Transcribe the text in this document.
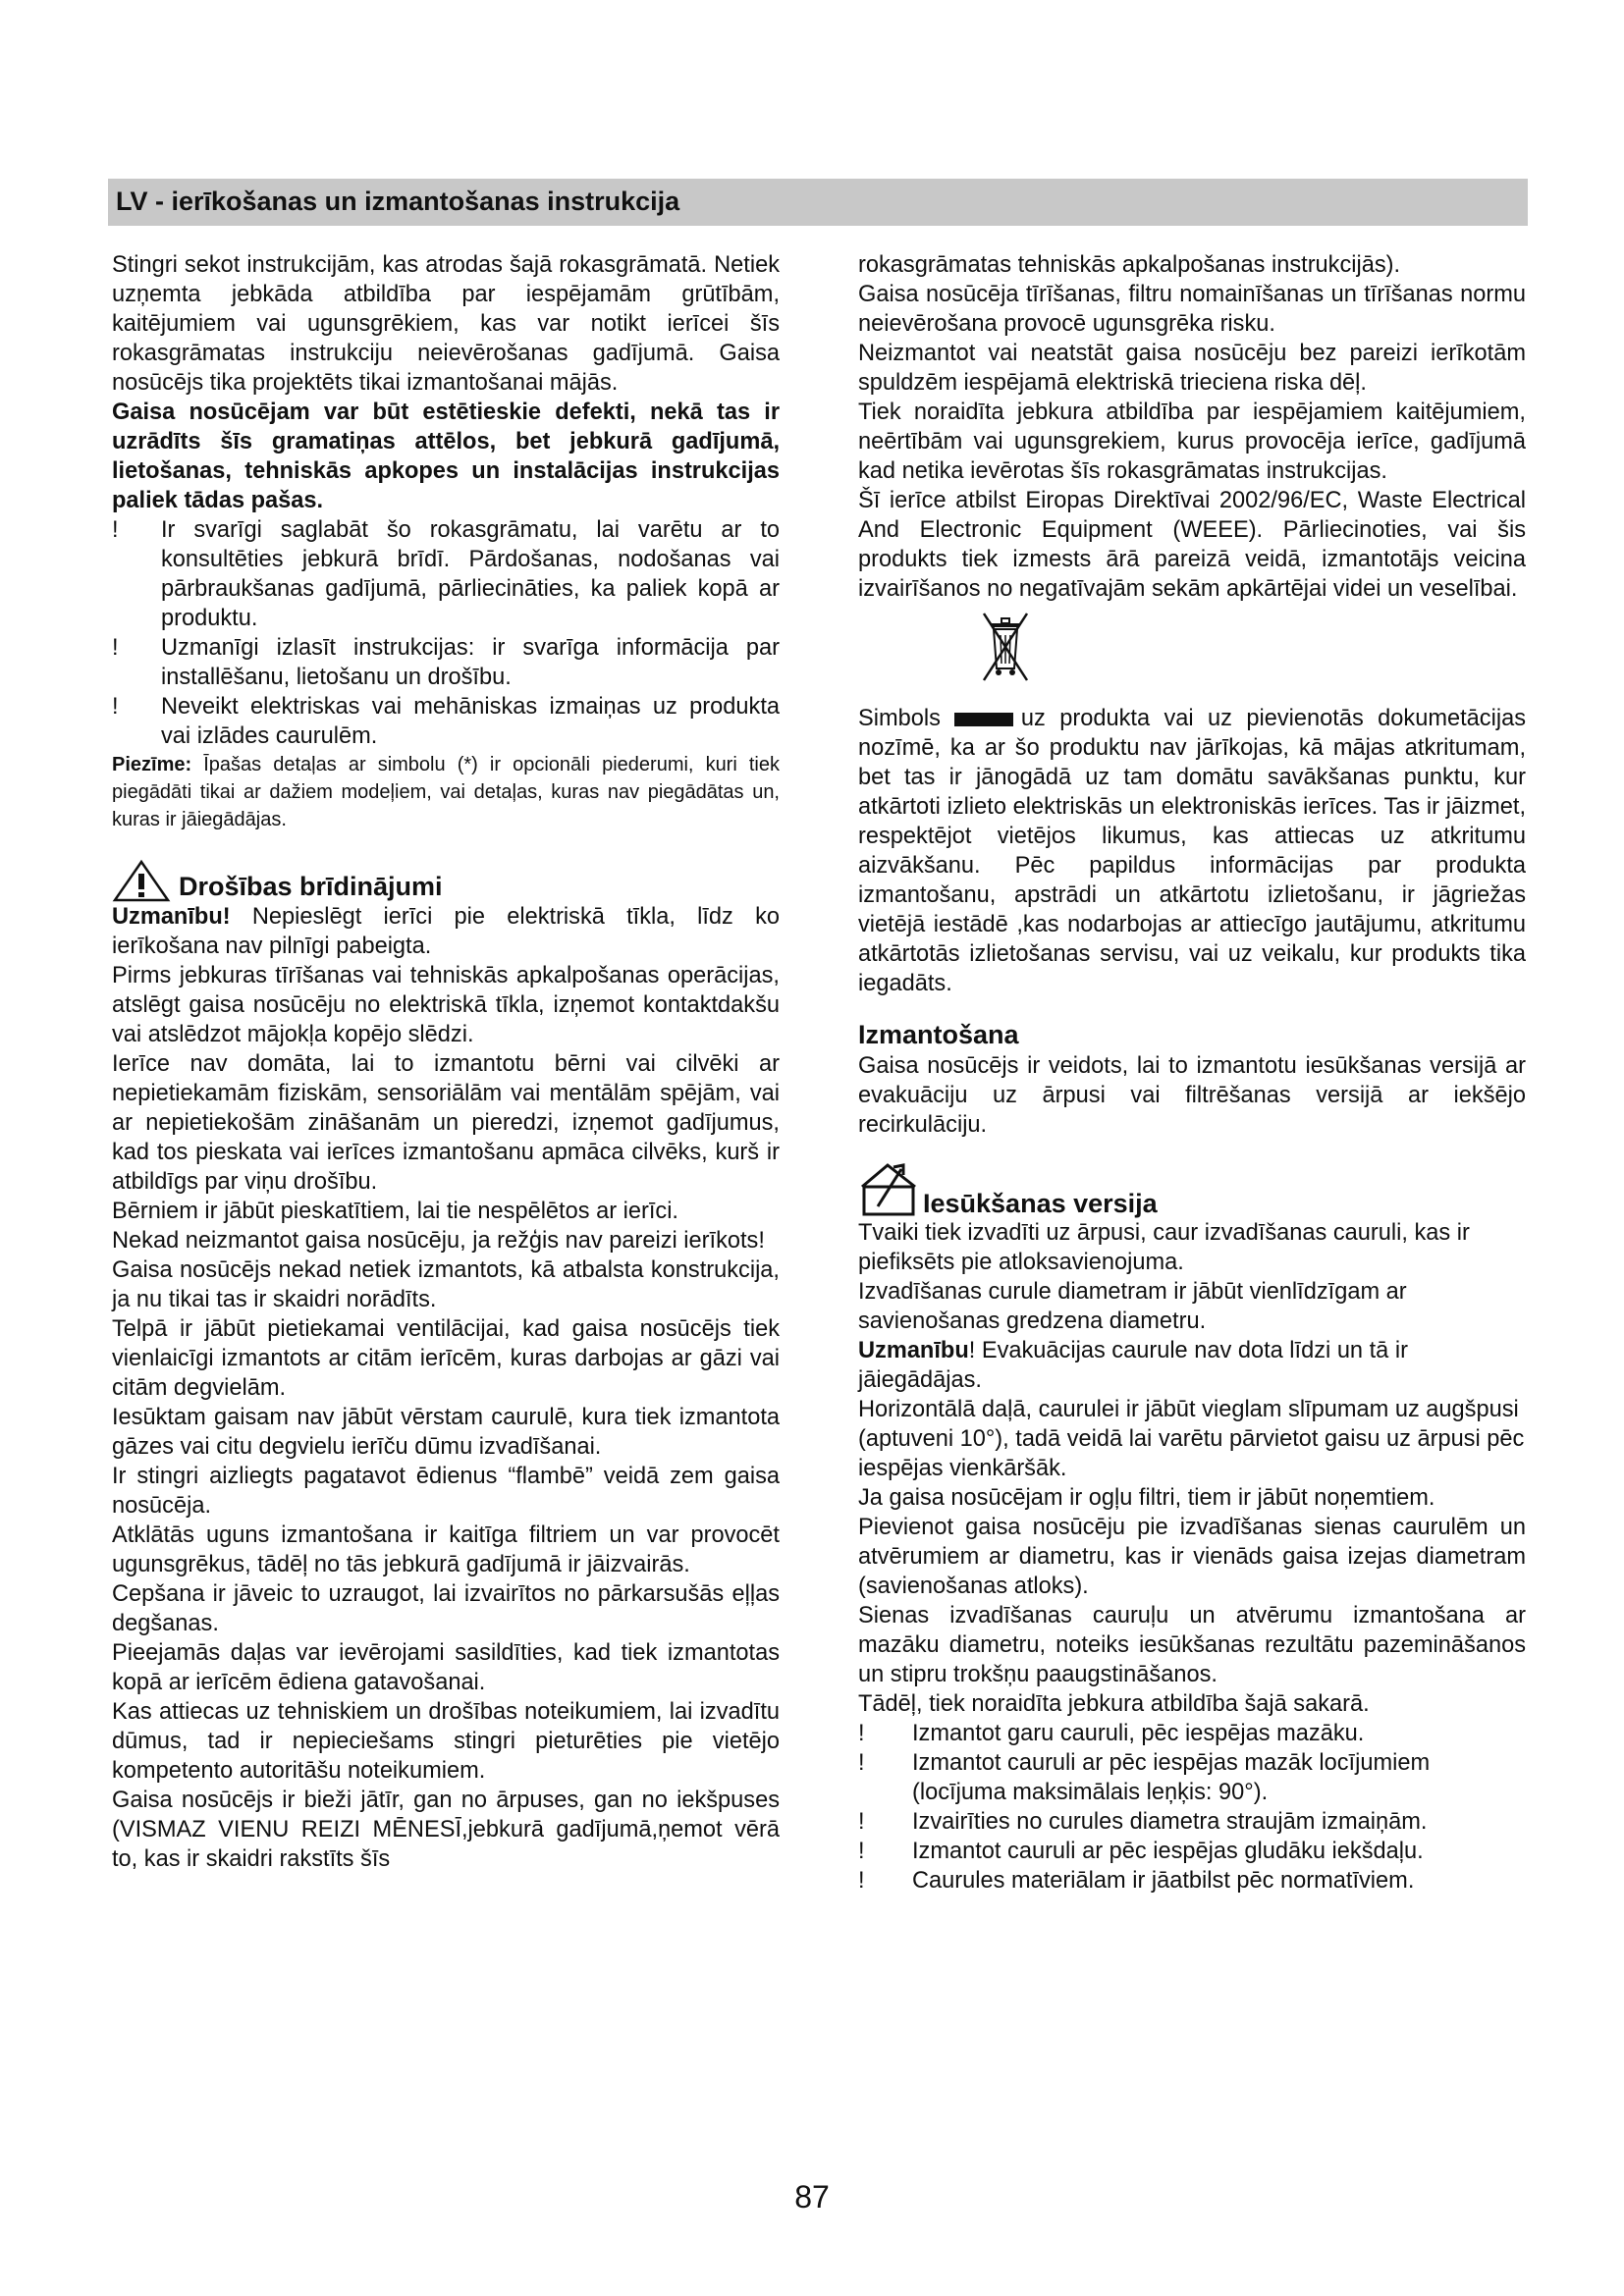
LV - ierīkošanas un izmantošanas instrukcija

Stingri sekot instrukcijām, kas atrodas šajā rokasgrāmatā. Netiek uzņemta jebkāda atbildība par iespējamām grūtībām, kaitējumiem vai ugunsgrēkiem, kas var notikt ierīcei šīs rokasgrāmatas instrukciju neievērošanas gadījumā. Gaisa nosūcējs tika projektēts tikai izmantošanai mājās.

Gaisa nosūcējam var būt estētieskie defekti, nekā tas ir uzrādīts šīs gramatiņas attēlos, bet jebkurā gadījumā, lietošanas, tehniskās apkopes un instalācijas instrukcijas paliek tādas pašas.

!	Ir svarīgi saglabāt šo rokasgrāmatu, lai varētu ar to konsultēties jebkurā brīdī. Pārdošanas, nodošanas vai pārbraukšanas gadījumā, pārliecināties, ka paliek kopā ar produktu.
!	Uzmanīgi izlasīt instrukcijas: ir svarīga informācija par installēšanu, lietošanu un drošību.
!	Neveikt elektriskas vai mehāniskas izmaiņas uz produkta vai izlādes caurulēm.

Piezīme: Īpašas detaļas ar simbolu (*) ir opcionāli piederumi, kuri tiek piegādāti tikai ar dažiem modeļiem, vai detaļas, kuras nav piegādātas un, kuras ir jāiegādājas.

Drošības brīdinājumi

Uzmanību! Nepieslēgt ierīci pie elektriskā tīkla, līdz ko ierīkošana nav pilnīgi pabeigta.

Pirms jebkuras tīrīšanas vai tehniskās apkalpošanas operācijas, atslēgt gaisa nosūcēju no elektriskā tīkla, izņemot kontaktdakšu vai atslēdzot mājokļa kopējo slēdzi.

Ierīce nav domāta, lai to izmantotu bērni vai cilvēki ar nepietiekamām fiziskām, sensoriālām vai mentālām spējām, vai ar nepietiekošām zināšanām un pieredzi, izņemot gadījumus, kad tos pieskata vai ierīces izmantošanu apmāca cilvēks, kurš ir atbildīgs par viņu drošību.

Bērniem ir jābūt pieskatītiem, lai tie nespēlētos ar ierīci.

Nekad neizmantot gaisa nosūcēju, ja režģis nav pareizi ierīkots!

Gaisa nosūcējs nekad netiek izmantots, kā atbalsta konstrukcija, ja nu tikai tas ir skaidri norādīts.

Telpā ir jābūt pietiekamai ventilācijai, kad gaisa nosūcējs tiek vienlaicīgi izmantots ar citām ierīcēm, kuras darbojas ar gāzi vai citām degvielām.

Iesūktam gaisam nav jābūt vērstam caurulē, kura tiek izmantota gāzes vai citu degvielu ierīču dūmu izvadīšanai.

Ir stingri aizliegts pagatavot ēdienus “flambē” veidā zem gaisa nosūcēja.

Atklātās uguns izmantošana ir kaitīga filtriem un var provocēt ugunsgrēkus, tādēļ no tās jebkurā gadījumā ir jāizvairās.

Cepšana ir jāveic to uzraugot, lai izvairītos no pārkarsušās eļļas degšanas.

Pieejamās daļas var ievērojami sasildīties, kad tiek izmantotas kopā ar ierīcēm ēdiena gatavošanai.

Kas attiecas uz tehniskiem un drošības noteikumiem, lai izvadītu dūmus, tad ir nepieciešams stingri pieturēties pie vietējo kompetento autoritāšu noteikumiem.

Gaisa nosūcējs ir bieži jātīr, gan no ārpuses, gan no iekšpuses (VISMAZ VIENU REIZI MĒNESĪ,jebkurā gadījumā,ņemot vērā to, kas ir skaidri rakstīts šīs

rokasgrāmatas tehniskās apkalpošanas instrukcijās).

Gaisa nosūcēja tīrīšanas, filtru nomainīšanas un tīrīšanas normu neievērošana provocē ugunsgrēka risku.

Neizmantot vai neatstāt gaisa nosūcēju bez pareizi ierīkotām spuldzēm iespējamā elektriskā trieciena riska dēļ.

Tiek noraidīta jebkura atbildība par iespējamiem kaitējumiem, neērtībām vai ugunsgrekiem, kurus provocēja ierīce, gadījumā kad netika ievērotas šīs rokasgrāmatas instrukcijas.

Šī ierīce atbilst Eiropas Direktīvai 2002/96/EC, Waste Electrical And Electronic Equipment (WEEE). Pārliecinoties, vai šis produkts tiek izmests ārā pareizā veidā, izmantotājs veicina izvairīšanos no negatīvajām sekām apkārtējai videi un veselībai.

Simbols	uz produkta vai uz pievienotās dokumetācijas nozīmē, ka ar šo produktu nav jārīkojas, kā mājas atkritumam, bet tas ir jānogādā uz tam domātu savākšanas punktu, kur atkārtoti izlieto elektriskās un elektroniskās ierīces. Tas ir jāizmet, respektējot vietējos likumus, kas attiecas uz atkritumu aizvākšanu. Pēc papildus informācijas par produkta izmantošanu, apstrādi un atkārtotu izlietošanu, ir jāgriežas vietējā iestādē ,kas nodarbojas ar attiecīgo jautājumu, atkritumu atkārtotās izlietošanas servisu, vai uz veikalu, kur produkts tika iegadāts.

Izmantošana

Gaisa nosūcējs ir veidots, lai to izmantotu iesūkšanas versijā ar evakuāciju uz ārpusi vai filtrēšanas versijā ar iekšējo recirkulāciju.

Iesūkšanas versija

Tvaiki tiek izvadīti uz ārpusi, caur izvadīšanas cauruli, kas ir piefiksēts pie atloksavienojuma.

Izvadīšanas curule diametram ir jābūt vienlīdzīgam ar savienošanas gredzena diametru.

Uzmanību! Evakuācijas caurule nav dota līdzi un tā ir jāiegādājas.

Horizontālā daļā, caurulei ir jābūt vieglam slīpumam uz augšpusi (aptuveni 10°), tadā veidā lai varētu pārvietot gaisu uz ārpusi pēc iespējas vienkāršāk.

Ja gaisa nosūcējam ir ogļu filtri, tiem ir jābūt noņemtiem.

Pievienot gaisa nosūcēju pie izvadīšanas sienas caurulēm un atvērumiem ar diametru, kas ir vienāds gaisa izejas diametram (savienošanas atloks).

Sienas izvadīšanas cauruļu un atvērumu izmantošana ar mazāku diametru, noteiks iesūkšanas rezultātu pazemināšanos un stipru trokšņu paaugstināšanos.

Tādēļ, tiek noraidīta jebkura atbildība šajā sakarā.

!	Izmantot garu cauruli, pēc iespējas mazāku.
!	Izmantot cauruli ar pēc iespējas mazāk locījumiem (locījuma maksimālais leņķis: 90°).
!	Izvairīties no curules diametra straujām izmaiņām.
!	Izmantot cauruli ar pēc iespējas gludāku iekšdaļu.
!	Caurules materiālam ir jāatbilst pēc normatīviem.
87
